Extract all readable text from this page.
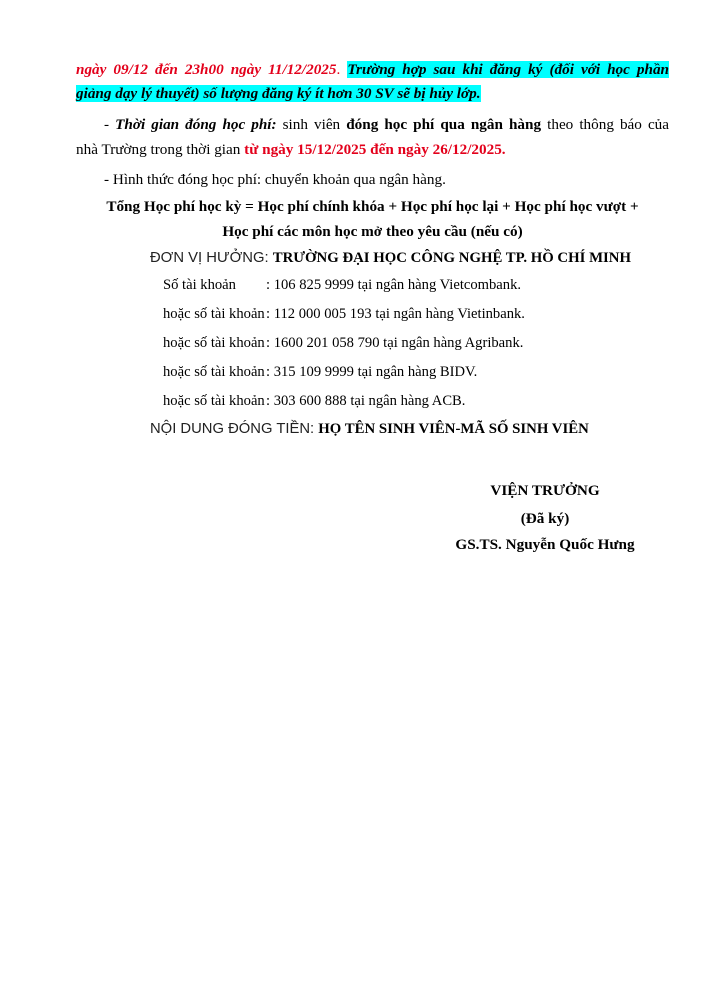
ngày 09/12 đến 23h00 ngày 11/12/2025. Trường hợp sau khi đăng ký (đối với học phần
giảng dạy lý thuyết) số lượng đăng ký ít hơn 30 SV sẽ bị hủy lớp.
- Thời gian đóng học phí: sinh viên đóng học phí qua ngân hàng theo thông báo của
nhà Trường trong thời gian từ ngày 15/12/2025 đến ngày 26/12/2025.
- Hình thức đóng học phí: chuyển khoản qua ngân hàng.
Tổng Học phí học kỳ = Học phí chính khóa + Học phí học lại + Học phí học vượt +
Học phí các môn học mở theo yêu cầu (nếu có)
ĐƠN VỊ HƯỞNG: TRƯỜNG ĐẠI HỌC CÔNG NGHỆ TP. HỒ CHÍ MINH
Số tài khoản : 106 825 9999 tại ngân hàng Vietcombank.
hoặc số tài khoản: 112 000 005 193 tại ngân hàng Vietinbank.
hoặc số tài khoản: 1600 201 058 790 tại ngân hàng Agribank.
hoặc số tài khoản: 315 109 9999 tại ngân hàng BIDV.
hoặc số tài khoản: 303 600 888 tại ngân hàng ACB.
NỘI DUNG ĐÓNG TIỀN: HỌ TÊN SINH VIÊN-MÃ SỐ SINH VIÊN
VIỆN TRƯỞNG
(Đã ký)
GS.TS. Nguyễn Quốc Hưng
